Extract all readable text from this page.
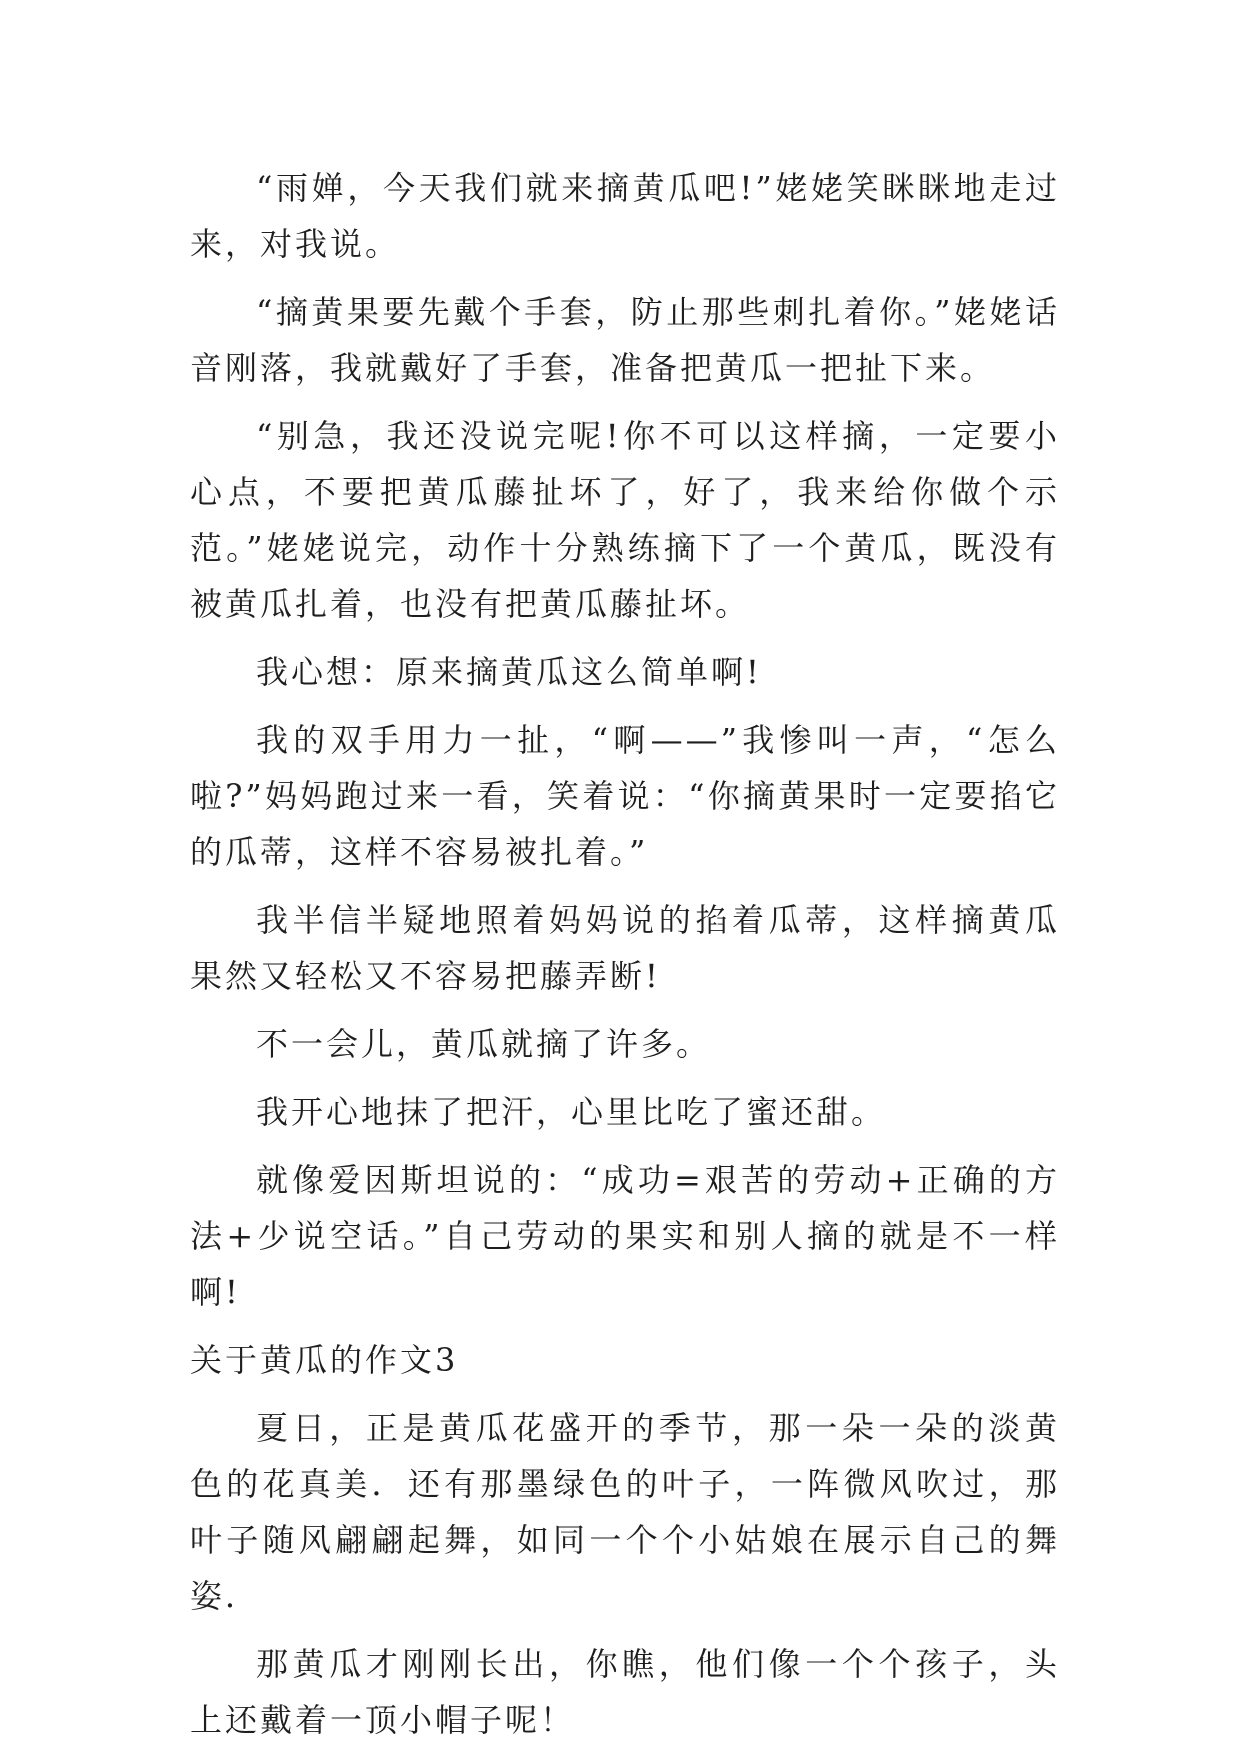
“雨婵，今天我们就来摘黄瓜吧!”姥姥笑眯眯地走过来，对我说。

“摘黄果要先戴个手套，防止那些刺扎着你。”姥姥话音刚落，我就戴好了手套，准备把黄瓜一把扯下来。

“别急，我还没说完呢!你不可以这样摘，一定要小心点，不要把黄瓜藤扯坏了，好了，我来给你做个示范。”姥姥说完，动作十分熟练摘下了一个黄瓜，既没有被黄瓜扎着，也没有把黄瓜藤扯坏。

我心想：原来摘黄瓜这么简单啊!

我的双手用力一扯，“啊——”我惨叫一声，“怎么啦?”妈妈跑过来一看，笑着说：“你摘黄果时一定要掐它的瓜蒂，这样不容易被扎着。”

我半信半疑地照着妈妈说的掐着瓜蒂，这样摘黄瓜果然又轻松又不容易把藤弄断!

不一会儿，黄瓜就摘了许多。

我开心地抹了把汗，心里比吃了蜜还甜。

就像爱因斯坦说的：“成功=艰苦的劳动+正确的方法+少说空话。”自己劳动的果实和别人摘的就是不一样啊!

关于黄瓜的作文3

夏日，正是黄瓜花盛开的季节，那一朵一朵的淡黄色的花真美．还有那墨绿色的叶子，一阵微风吹过，那叶子随风翩翩起舞，如同一个个小姑娘在展示自己的舞姿．

那黄瓜才刚刚长出，你瞧，他们像一个个孩子，头上还戴着一顶小帽子呢！
